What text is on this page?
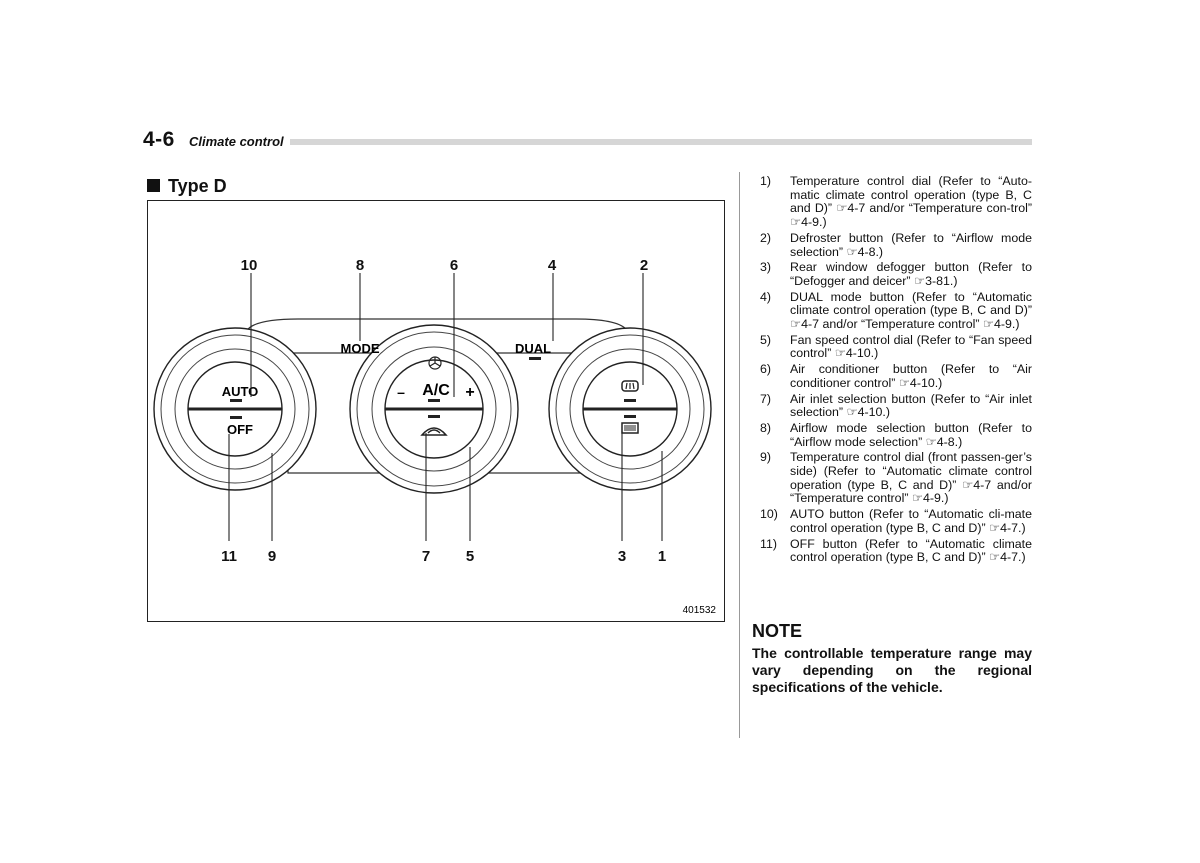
4-6 Climate control
Type D
MODE	DUAL
AUTO
OFF
A/C
–	+
10	8	6	4	2
11 9	7 5	3 1
401532
1) Temperature control dial (Refer to “Auto-matic climate control operation (type B, C and D)” ☞4-7 and/or “Temperature con-trol” ☞4-9.)
2) Defroster button (Refer to “Airflow mode selection” ☞4-8.)
3) Rear window defogger button (Refer to “Defogger and deicer” ☞3-81.)
4) DUAL mode button (Refer to “Automatic climate control operation (type B, C and D)” ☞4-7 and/or “Temperature control” ☞4-9.)
5) Fan speed control dial (Refer to “Fan speed control” ☞4-10.)
6) Air conditioner button (Refer to “Air conditioner control” ☞4-10.)
7) Air inlet selection button (Refer to “Air inlet selection” ☞4-10.)
8) Airflow mode selection button (Refer to “Airflow mode selection” ☞4-8.)
9) Temperature control dial (front passen-ger’s side) (Refer to “Automatic climate control operation (type B, C and D)” ☞4-7 and/or “Temperature control” ☞4-9.)
10) AUTO button (Refer to “Automatic cli-mate control operation (type B, C and D)” ☞4-7.)
11) OFF button (Refer to “Automatic climate control operation (type B, C and D)” ☞4-7.)
NOTE
The controllable temperature range may vary depending on the regional specifications of the vehicle.
